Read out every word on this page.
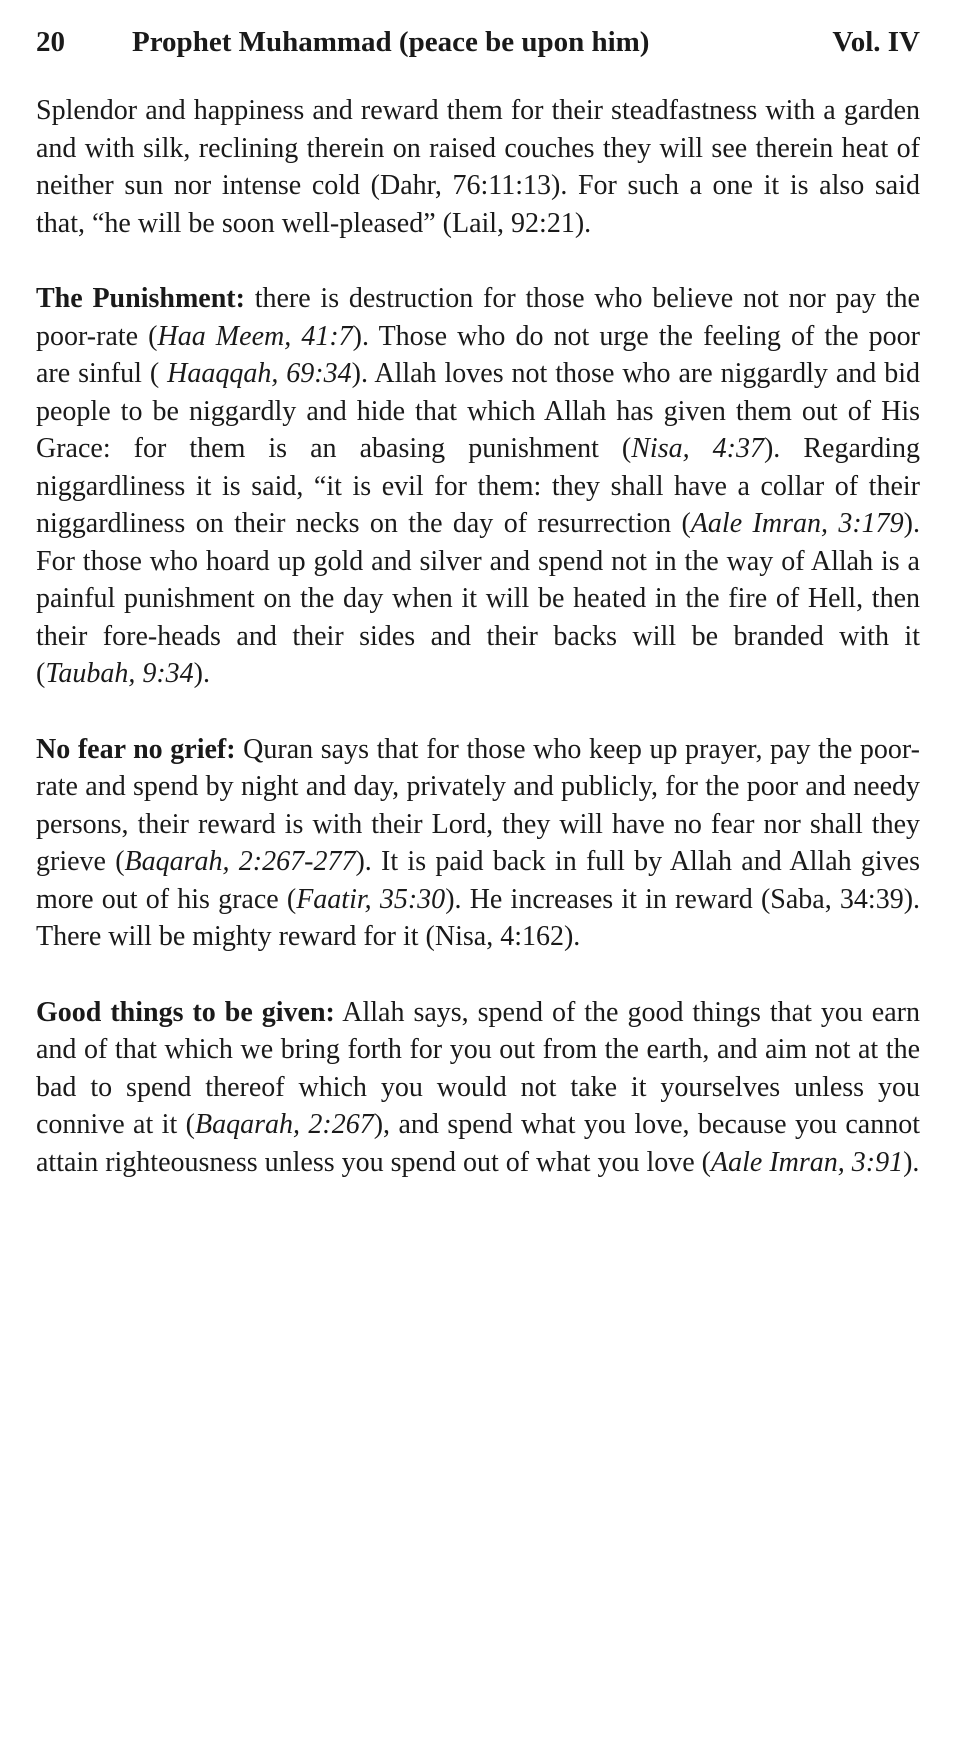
20	Prophet Muhammad (peace be upon him)	Vol. IV

Splendor and happiness and reward them for their steadfastness with a garden and with silk, reclining therein on raised couches they will see therein heat of neither sun nor intense cold (Dahr, 76:11:13). For such a one it is also said that, “he will be soon well-pleased” (Lail, 92:21).

The Punishment: there is destruction for those who believe not nor pay the poor-rate (Haa Meem, 41:7). Those who do not urge the feeling of the poor are sinful ( Haaqqah, 69:34). Allah loves not those who are niggardly and bid people to be niggardly and hide that which Allah has given them out of His Grace: for them is an abasing punishment (Nisa, 4:37). Regarding niggardliness it is said, “it is evil for them: they shall have a collar of their niggardliness on their necks on the day of resurrection (Aale Imran, 3:179). For those who hoard up gold and silver and spend not in the way of Allah is a painful punishment on the day when it will be heated in the fire of Hell, then their fore-heads and their sides and their backs will be branded with it (Taubah, 9:34).

No fear no grief: Quran says that for those who keep up prayer, pay the poor-rate and spend by night and day, privately and publicly, for the poor and needy persons, their reward is with their Lord, they will have no fear nor shall they grieve (Baqarah, 2:267-277). It is paid back in full by Allah and Allah gives more out of his grace (Faatir, 35:30). He increases it in reward (Saba, 34:39). There will be mighty reward for it (Nisa, 4:162).

Good things to be given: Allah says, spend of the good things that you earn and of that which we bring forth for you out from the earth, and aim not at the bad to spend thereof which you would not take it yourselves unless you connive at it (Baqarah, 2:267), and spend what you love, because you cannot attain righteousness unless you spend out of what you love (Aale Imran, 3:91).
